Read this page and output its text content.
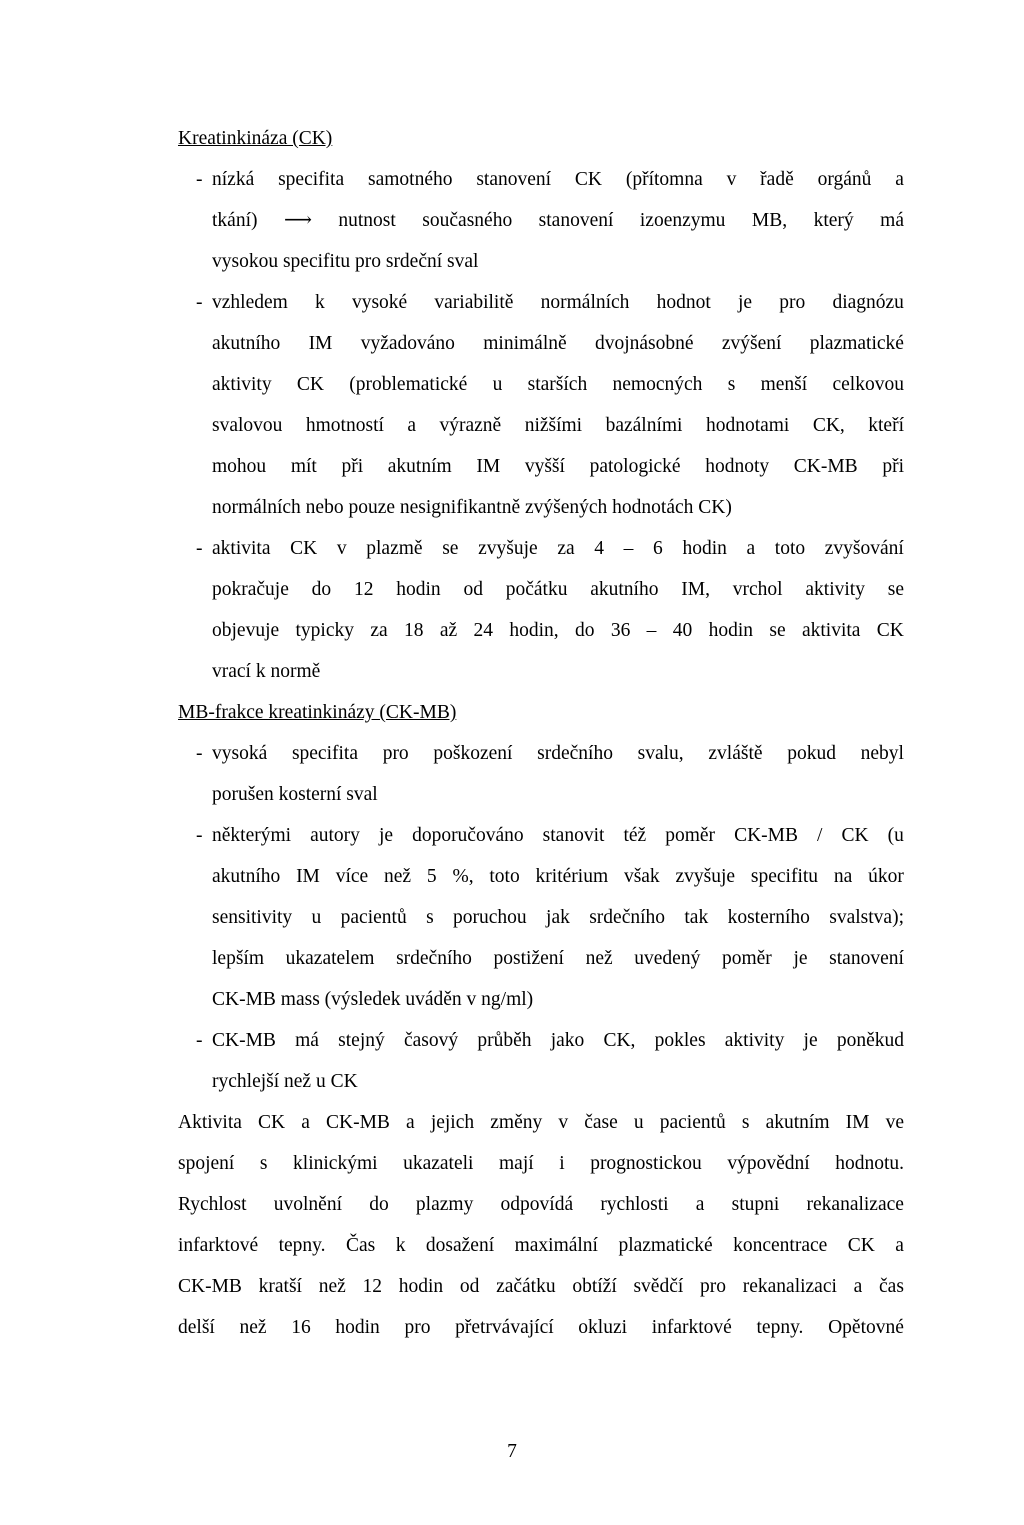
Kreatinkináza (CK)
- nízká specifita samotného stanovení CK (přítomna v řadě orgánů a
tkání) ⟶ nutnost současného stanovení izoenzymu MB, který má
vysokou specifitu pro srdeční sval
- vzhledem k vysoké variabilitě normálních hodnot je pro diagnózu
akutního IM vyžadováno minimálně dvojnásobné zvýšení plazmatické
aktivity CK (problematické u starších nemocných s menší celkovou
svalovou hmotností a výrazně nižšími bazálními hodnotami CK, kteří
mohou mít při akutním IM vyšší patologické hodnoty CK-MB při
normálních nebo pouze nesignifikantně zvýšených hodnotách CK)
- aktivita CK v plazmě se zvyšuje za 4 – 6 hodin a toto zvyšování
pokračuje do 12 hodin od počátku akutního IM, vrchol aktivity se
objevuje typicky za 18 až 24 hodin, do 36 – 40 hodin se aktivita CK
vrací k normě
MB-frakce kreatinkinázy (CK-MB)
- vysoká specifita pro poškození srdečního svalu, zvláště pokud nebyl
porušen kosterní sval
- některými autory je doporučováno stanovit též poměr CK-MB / CK (u
akutního IM více než 5 %, toto kritérium však zvyšuje specifitu na úkor
sensitivity u pacientů s poruchou jak srdečního tak kosterního svalstva);
lepším ukazatelem srdečního postižení než uvedený poměr je stanovení
CK-MB mass (výsledek uváděn v ng/ml)
- CK-MB má stejný časový průběh jako CK, pokles aktivity je poněkud
rychlejší než u CK
Aktivita CK a CK-MB a jejich změny v čase u pacientů s akutním IM ve
spojení s klinickými ukazateli mají i prognostickou výpovědní hodnotu.
Rychlost uvolnění do plazmy odpovídá rychlosti a stupni rekanalizace
infarktové tepny. Čas k dosažení maximální plazmatické koncentrace CK a
CK-MB kratší než 12 hodin od začátku obtíží svědčí pro rekanalizaci a čas
delší než 16 hodin pro přetrvávající okluzi infarktové tepny. Opětovné
7
